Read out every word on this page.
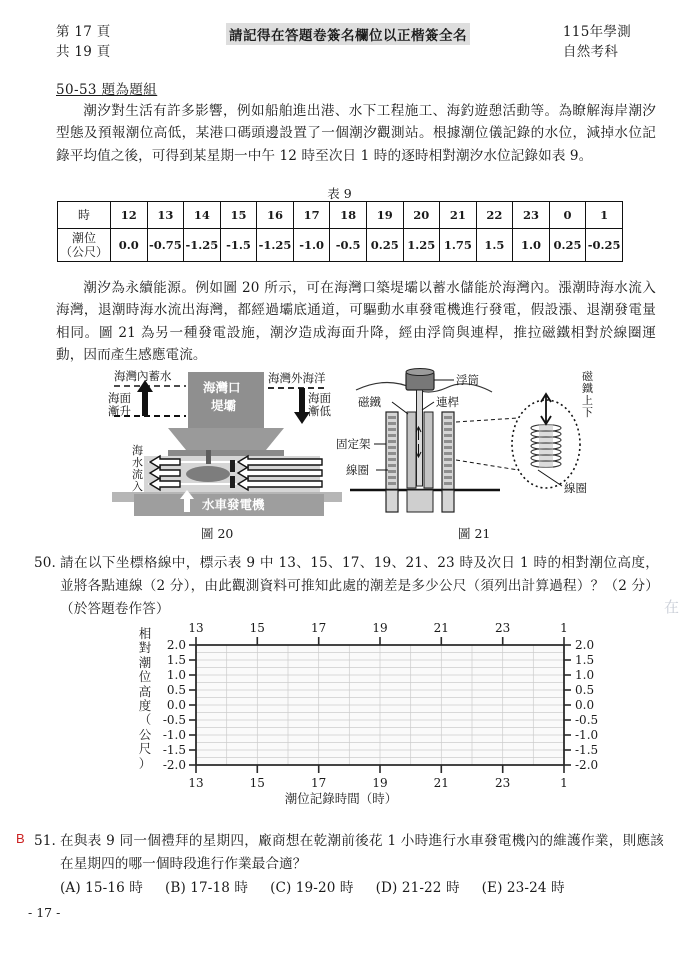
第 17 頁
共 19 頁
請記得在答題卷簽名欄位以正楷簽全名	115年學測
自然考科
50-53 題為題組
潮汐對生活有許多影響，例如船舶進出港、水下工程施工、海釣遊憩活動等。為瞭解海岸潮汐型態及預報潮位高低，某港口碼頭邊設置了一個潮汐觀測站。根據潮位儀記錄的水位，減掉水位記錄平均值之後，可得到某星期一中午 12 時至次日 1 時的逐時相對潮汐水位記錄如表 9。
表 9
時	12	13	14	15	16	17	18	19	20	21	22	23	0	1

潮位
（公尺）	0.0	-0.75	-1.25	-1.5	-1.25	-1.0	-0.5	0.25	1.25	1.75	1.5	1.0	0.25	-0.25
潮汐為永續能源。例如圖 20 所示，可在海灣口築堤壩以蓄水儲能於海灣內。漲潮時海水流入海灣，退潮時海水流出海灣，都經過壩底通道，可驅動水車發電機進行發電，假設漲、退潮發電量相同。圖 21 為另一種發電設施，潮汐造成海面升降，經由浮筒與連桿，推拉磁鐵相對於線圈運動，因而產生感應電流。
水車發電機
海灣內蓄水	海灣外海洋
海面
漸升
海面
漸低
海灣口
堤壩
海
水
流
入
浮筒
磁鐵	連桿
固定架
線圈
線圈
磁
鐵
上
下
圖 20	圖 21
50. 請在以下坐標格線中，標示表 9 中 13、15、17、19、21、23 時及次日 1 時的相對潮位高度，並將各點連線（2 分），由此觀測資料可推知此處的潮差是多少公尺（須列出計算過程）？（2 分）（於答題卷作答）
相
對
潮
位
高
度
（
公
尺
）
13	15	17	19	21	23	1
13	15	17	19	21	23	1
2.0
1.5
1.0
0.5
0.0
-0.5
-1.0
-1.5
-2.0
2.0
1.5
1.0
0.5
0.0
-0.5
-1.0
-1.5
-2.0
潮位記錄時間（時）
在
B 51. 在與表 9 同一個禮拜的星期四，廠商想在乾潮前後花 1 小時進行水車發電機內的維護作業，則應該在星期四的哪一個時段進行作業最合適？
(A) 15-16 時 (B) 17-18 時 (C) 19-20 時 (D) 21-22 時 (E) 23-24 時
- 17 -
